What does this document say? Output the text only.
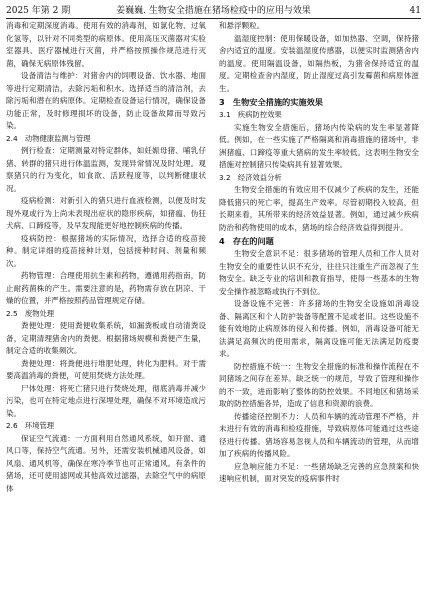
2025 年第 2 期	姜巍巍. 生物安全措施在猪场检疫中的应用与效果	41

消毒和定期深度消毒。使用有效的消毒剂，如氯化物、过氧化氢等，以针对不同类型的病原体。使用高压灭菌器对实验室器具、医疗器械进行灭菌，并严格按照操作规范进行灭菌，确保无病原体残留。

设备清洁与维护：对猪舍内的饲喂设备、饮水器、地面等进行定期清洁，去除污垢和积水。选择适当的清洁剂，去除污垢和潜在的病原体。定期检查设备运行情况，确保设备功能正常，及时修理损坏的设备，防止设备故障而导致污染。

2.4　动物健康监测与管理

例行检查：定期测量对特定群体，如妊娠母猪、哺乳仔猪、转群的猪只进行体温监测，发现异常情况及时处理。观察猪只的行为变化，如食欲、活跃程度等，以判断健康状况。

疫病检测：对新引入的猪只进行血液检测，以便及时发现外观或行为上尚未表现出症状的隐形疾病，如猪瘟、伪狂犬病、口蹄疫等，及早发现能更好地控制疾病的传播。

疫病防控：根据猪场的实际情况，选择合适的疫苗接种。制定详细的疫苗接种计划，包括接种时间、剂量和频次。

药物管理：合理使用抗生素和药物，遵循用药指南，防止耐药菌株的产生。需要注意的是，药物需存放在阴凉、干燥的位置，并严格按照药品管理规定存储。

2.5　废物处理

粪便处理：使用粪便收集系统，如漏粪板或自动清粪设备，定期清理猪舍内的粪便。根据猪场规模和粪便产生量，制定合适的收集频次。

粪便处理：将粪便进行堆肥处理，转化为肥料。对于需要高温消毒的粪便，可使用焚烧方法处理。

尸体处理：将死亡猪只进行焚烧处理，彻底消毒并减少污染，也可在特定地点进行深埋处理，确保不对环境造成污染。

2.6　环境管理

保证空气流通：一方面利用自然通风系统，如开窗、通风口等，保持空气流通。另外，还需安装机械通风设备，如风扇、通风机等，确保在寒冷季节也可正常通风。有条件的猪场，还可使用滤网或其他高效过滤器，去除空气中的病原体

和悬浮颗粒。

温湿度控制：使用保暖设备，如加热器、空调，保持猪舍内适宜的温度。安装温湿度传感器，以便实时监测猪舍内的温度。使用隔温设备，如隔热板，为猪舍保持适宜的温度。定期检查舍内湿度，防止湿度过高引发霉菌和病原体滋生。

3　生物安全措施的实施效果
3.1　疾病防控效果

实施生物安全措施后，猪场内传染病的发生率显著降低。例如，在一些实施了严格隔离和消毒措施的猪场中，非洲猪瘟、口蹄疫等重大猪病的发生率较低。这表明生物安全措施对控制猪只传染病具有显著效果。

3.2　经济效益分析

生物安全措施的有效应用不仅减少了疾病的发生，还能降低猪只的死亡率，提高生产效率。尽管初期投入较高，但长期来看，其所带来的经济效益显著。例如，通过减少疾病防治和药物使用的成本，猪场的综合经济效益得到提升。

4　存在的问题

生物安全意识不足：很多猪场的管理人员和工作人员对生物安全的重要性认识不充分，往往只注重生产而忽视了生物安全。缺乏专业的培训和教育指导，使得一些基本的生物安全操作被忽略或执行不到位。

设备设施不完善：许多猪场的生物安全设施如消毒设备、隔离区和个人防护装备等配置不足或老旧。这些设施不能有效地防止病原体的侵入和传播。例如，消毒设备可能无法满足高频次的使用需求，隔离设施可能无法满足防疫要求。

防控措施不统一：生物安全措施的标准和操作流程在不同猪场之间存在差异。缺乏统一的规范，导致了管理和操作的不一致，进而影响了整体的防控效果。不同地区和猪场采取的防控措施各异，造成了信息和资源的浪费。

传播途径控制不力：人员和车辆的流动管理不严格，并未进行有效的消毒和检疫措施，导致病原体可能通过这些途径进行传播。猪场容易忽视人员和车辆流动的管理，从而增加了疾病的传播风险。

应急响应能力不足：一些猪场缺乏完善的应急预案和快速响应机制，面对突发的疫病事件时
